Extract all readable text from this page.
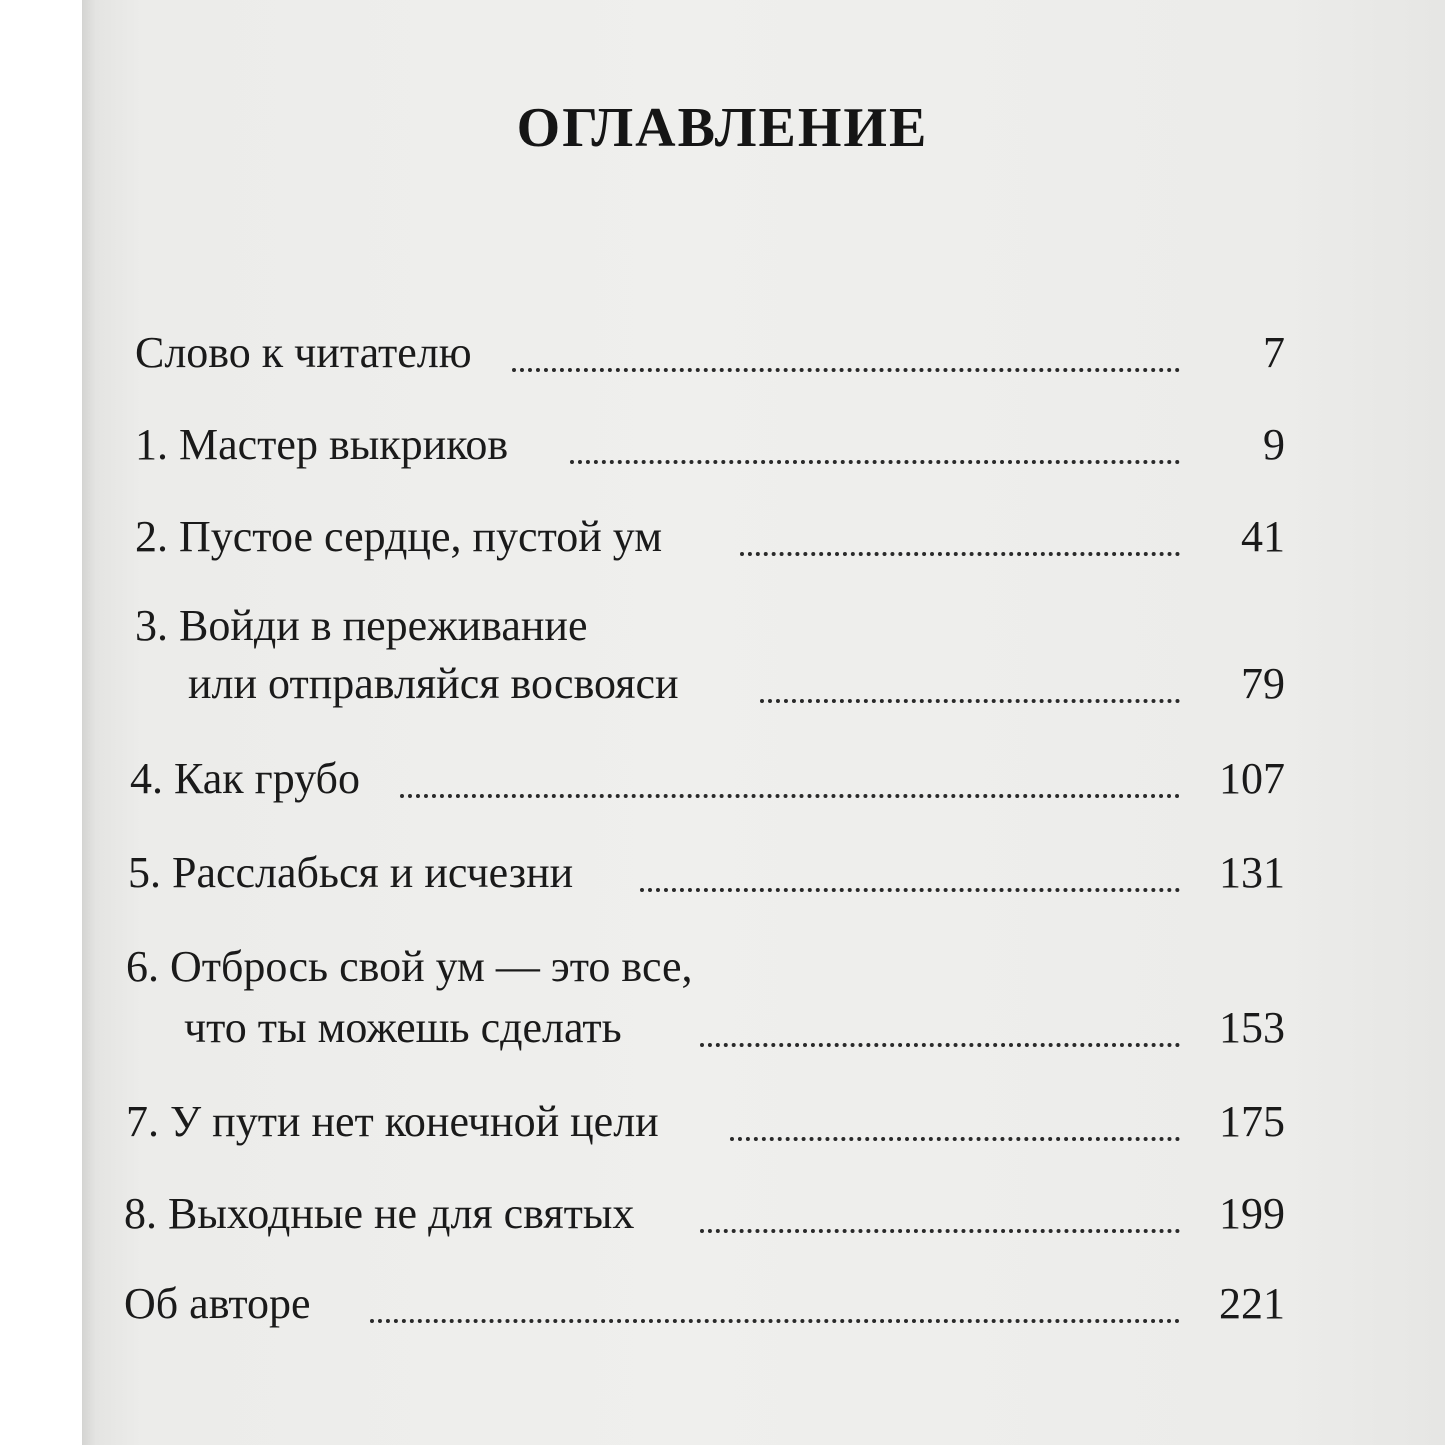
ОГЛАВЛЕНИЕ
Слово к читателю	7
1. Мастер выкриков	9
2. Пустое сердце, пустой ум	41
3. Войди в переживание
или отправляйся восвояси	79
4. Как грубо	107
5. Расслабься и исчезни	131
6. Отбрось свой ум — это все,
что ты можешь сделать	153
7. У пути нет конечной цели	175
8. Выходные не для святых	199
Об авторе	221
